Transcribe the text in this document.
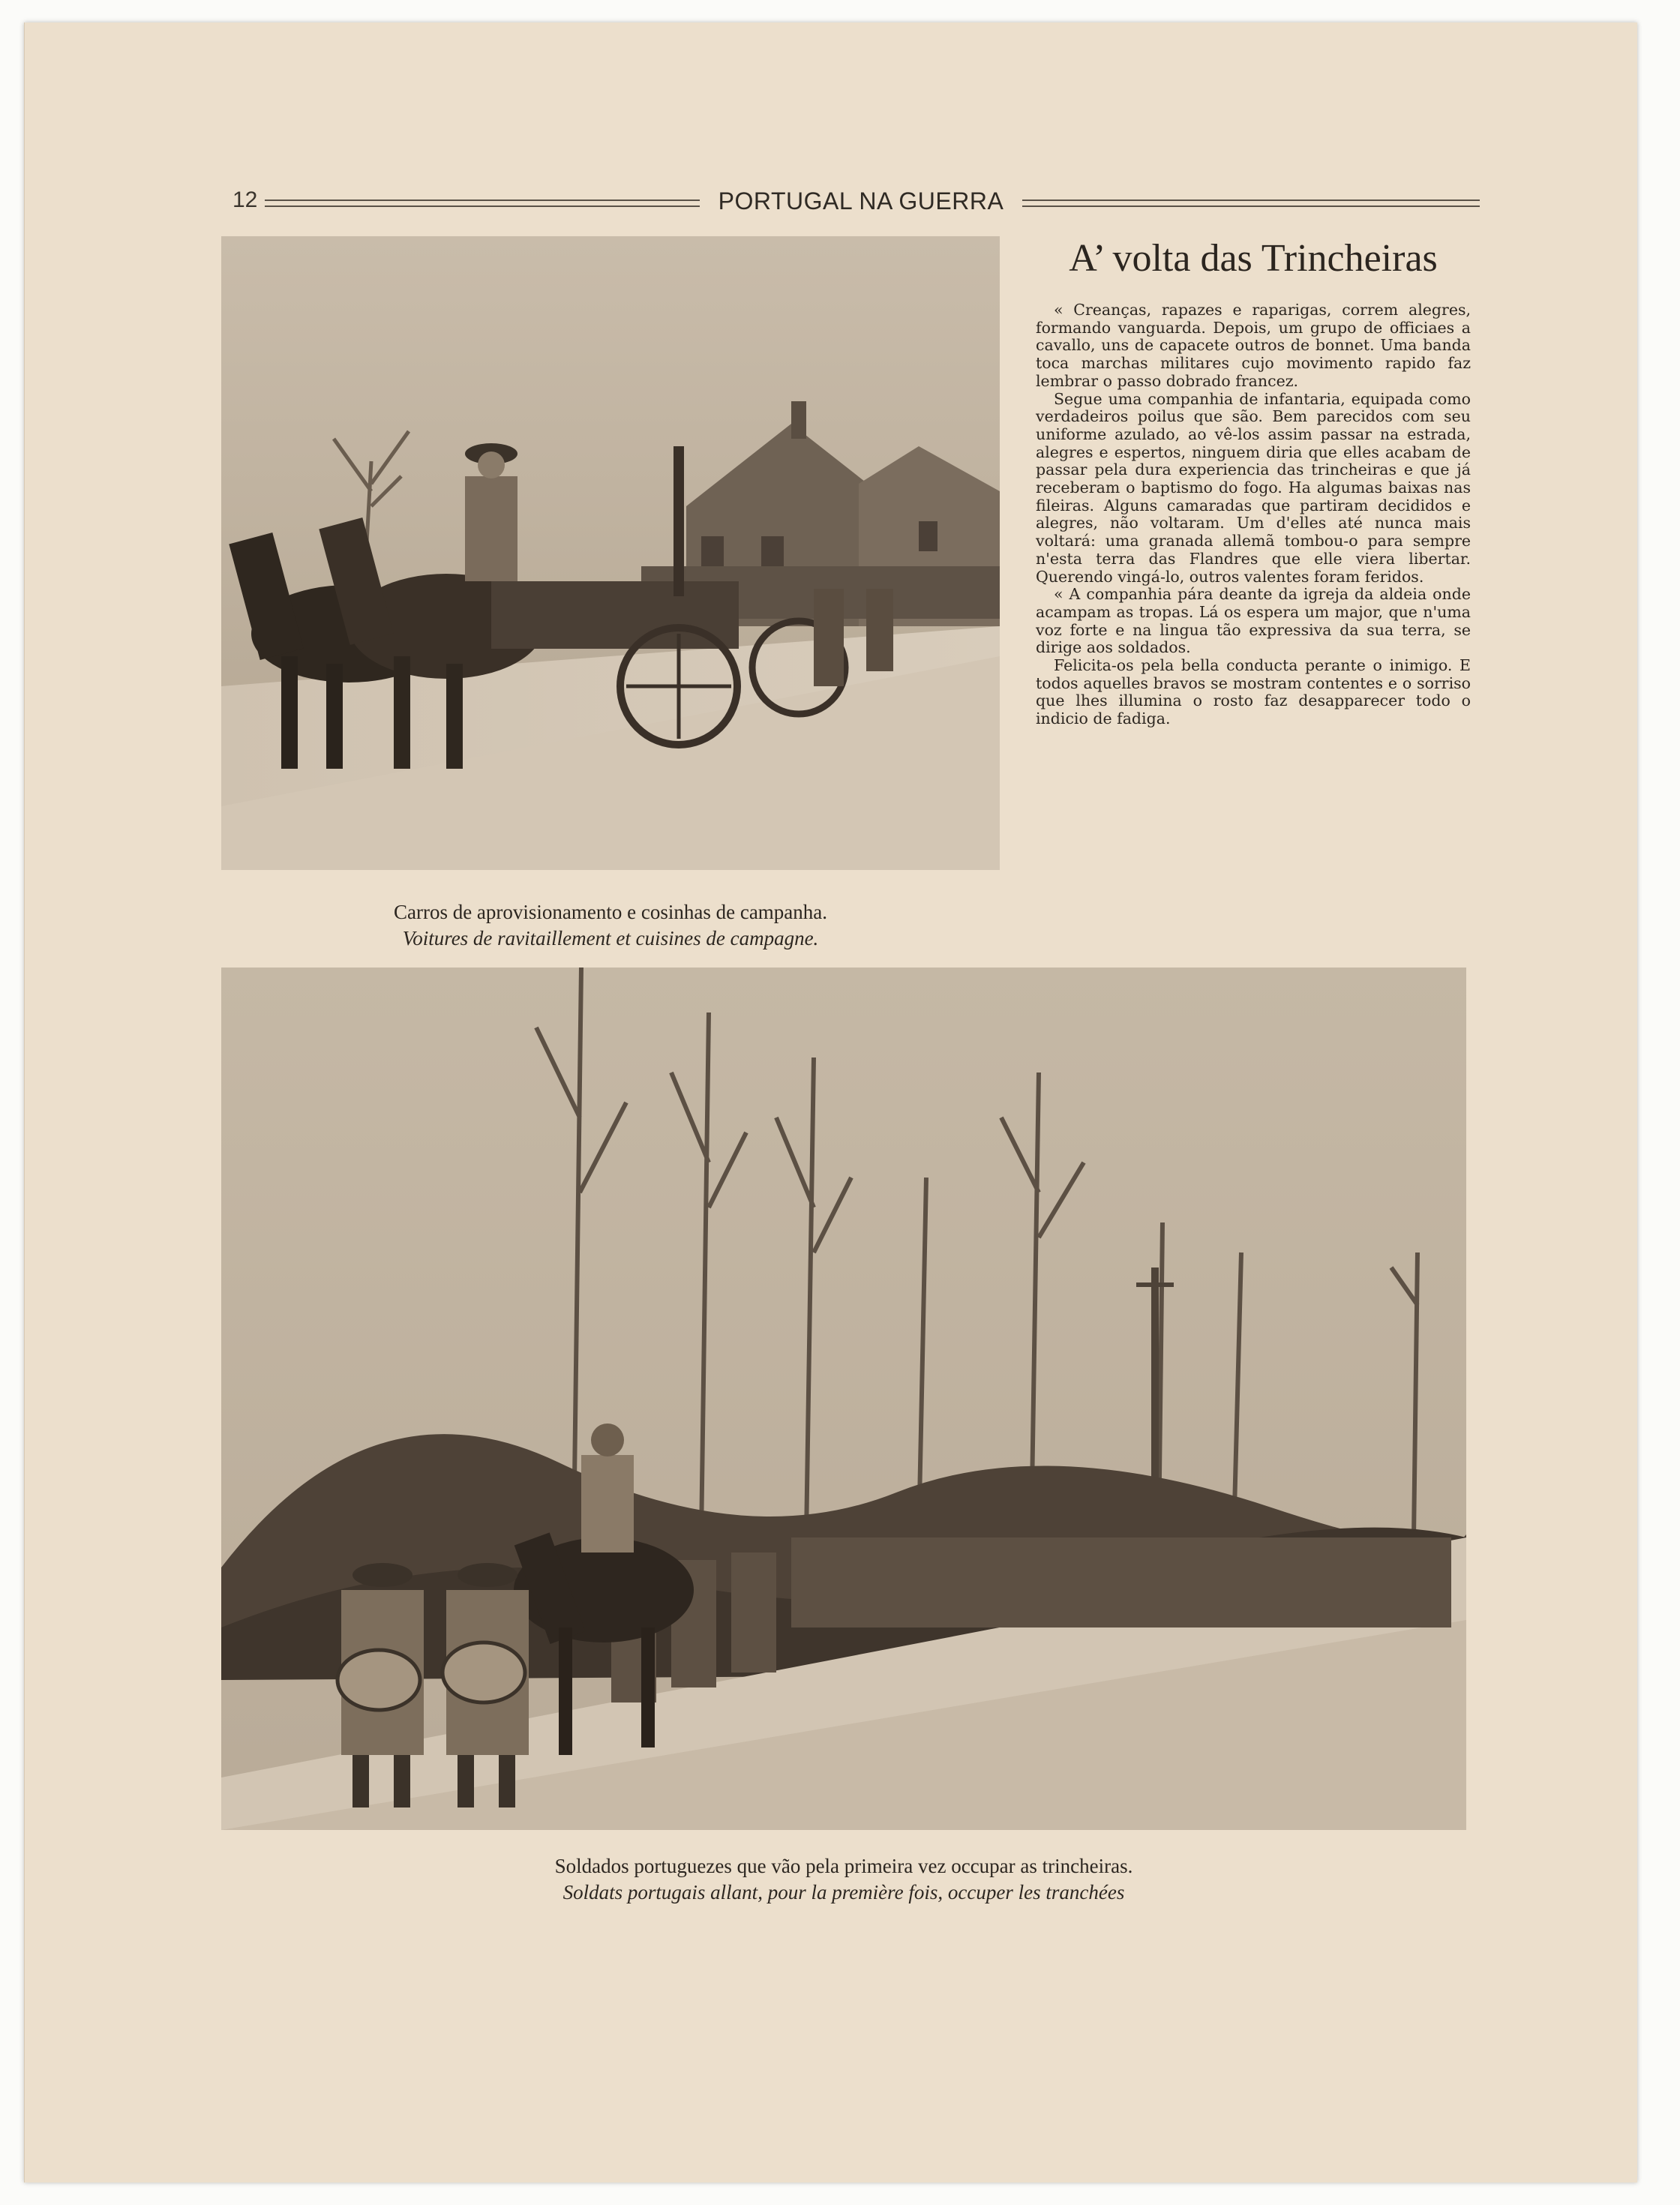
12	PORTUGAL NA GUERRA
Carros de aprovisionamento e cosinhas de campanha.
Voitures de ravitaillement et cuisines de campagne.
A’ volta das Trincheiras

« Creanças, rapazes e raparigas, correm alegres, formando vanguarda. Depois, um grupo de officiaes a cavallo, uns de capacete outros de bonnet. Uma banda toca marchas militares cujo movimento rapido faz lembrar o passo dobrado francez.

Segue uma companhia de infantaria, equipada como verdadeiros poilus que são. Bem parecidos com seu uniforme azulado, ao vê-los assim passar na estrada, alegres e espertos, ninguem diria que elles acabam de passar pela dura experiencia das trincheiras e que já receberam o baptismo do fogo. Ha algumas baixas nas fileiras. Alguns camaradas que partiram decididos e alegres, não voltaram. Um d'elles até nunca mais voltará: uma granada allemã tombou-o para sempre n'esta terra das Flandres que elle viera libertar. Querendo vingá-lo, outros valentes foram feridos.

« A companhia pára deante da igreja da aldeia onde acampam as tropas. Lá os espera um major, que n'uma voz forte e na lingua tão expressiva da sua terra, se dirige aos soldados.

Felicita-os pela bella conducta perante o inimigo. E todos aquelles bravos se mostram contentes e o sorriso que lhes illumina o rosto faz desapparecer todo o indicio de fadiga.

Soldados portuguezes que vão pela primeira vez occupar as trincheiras.
Soldats portugais allant, pour la première fois, occuper les tranchées
